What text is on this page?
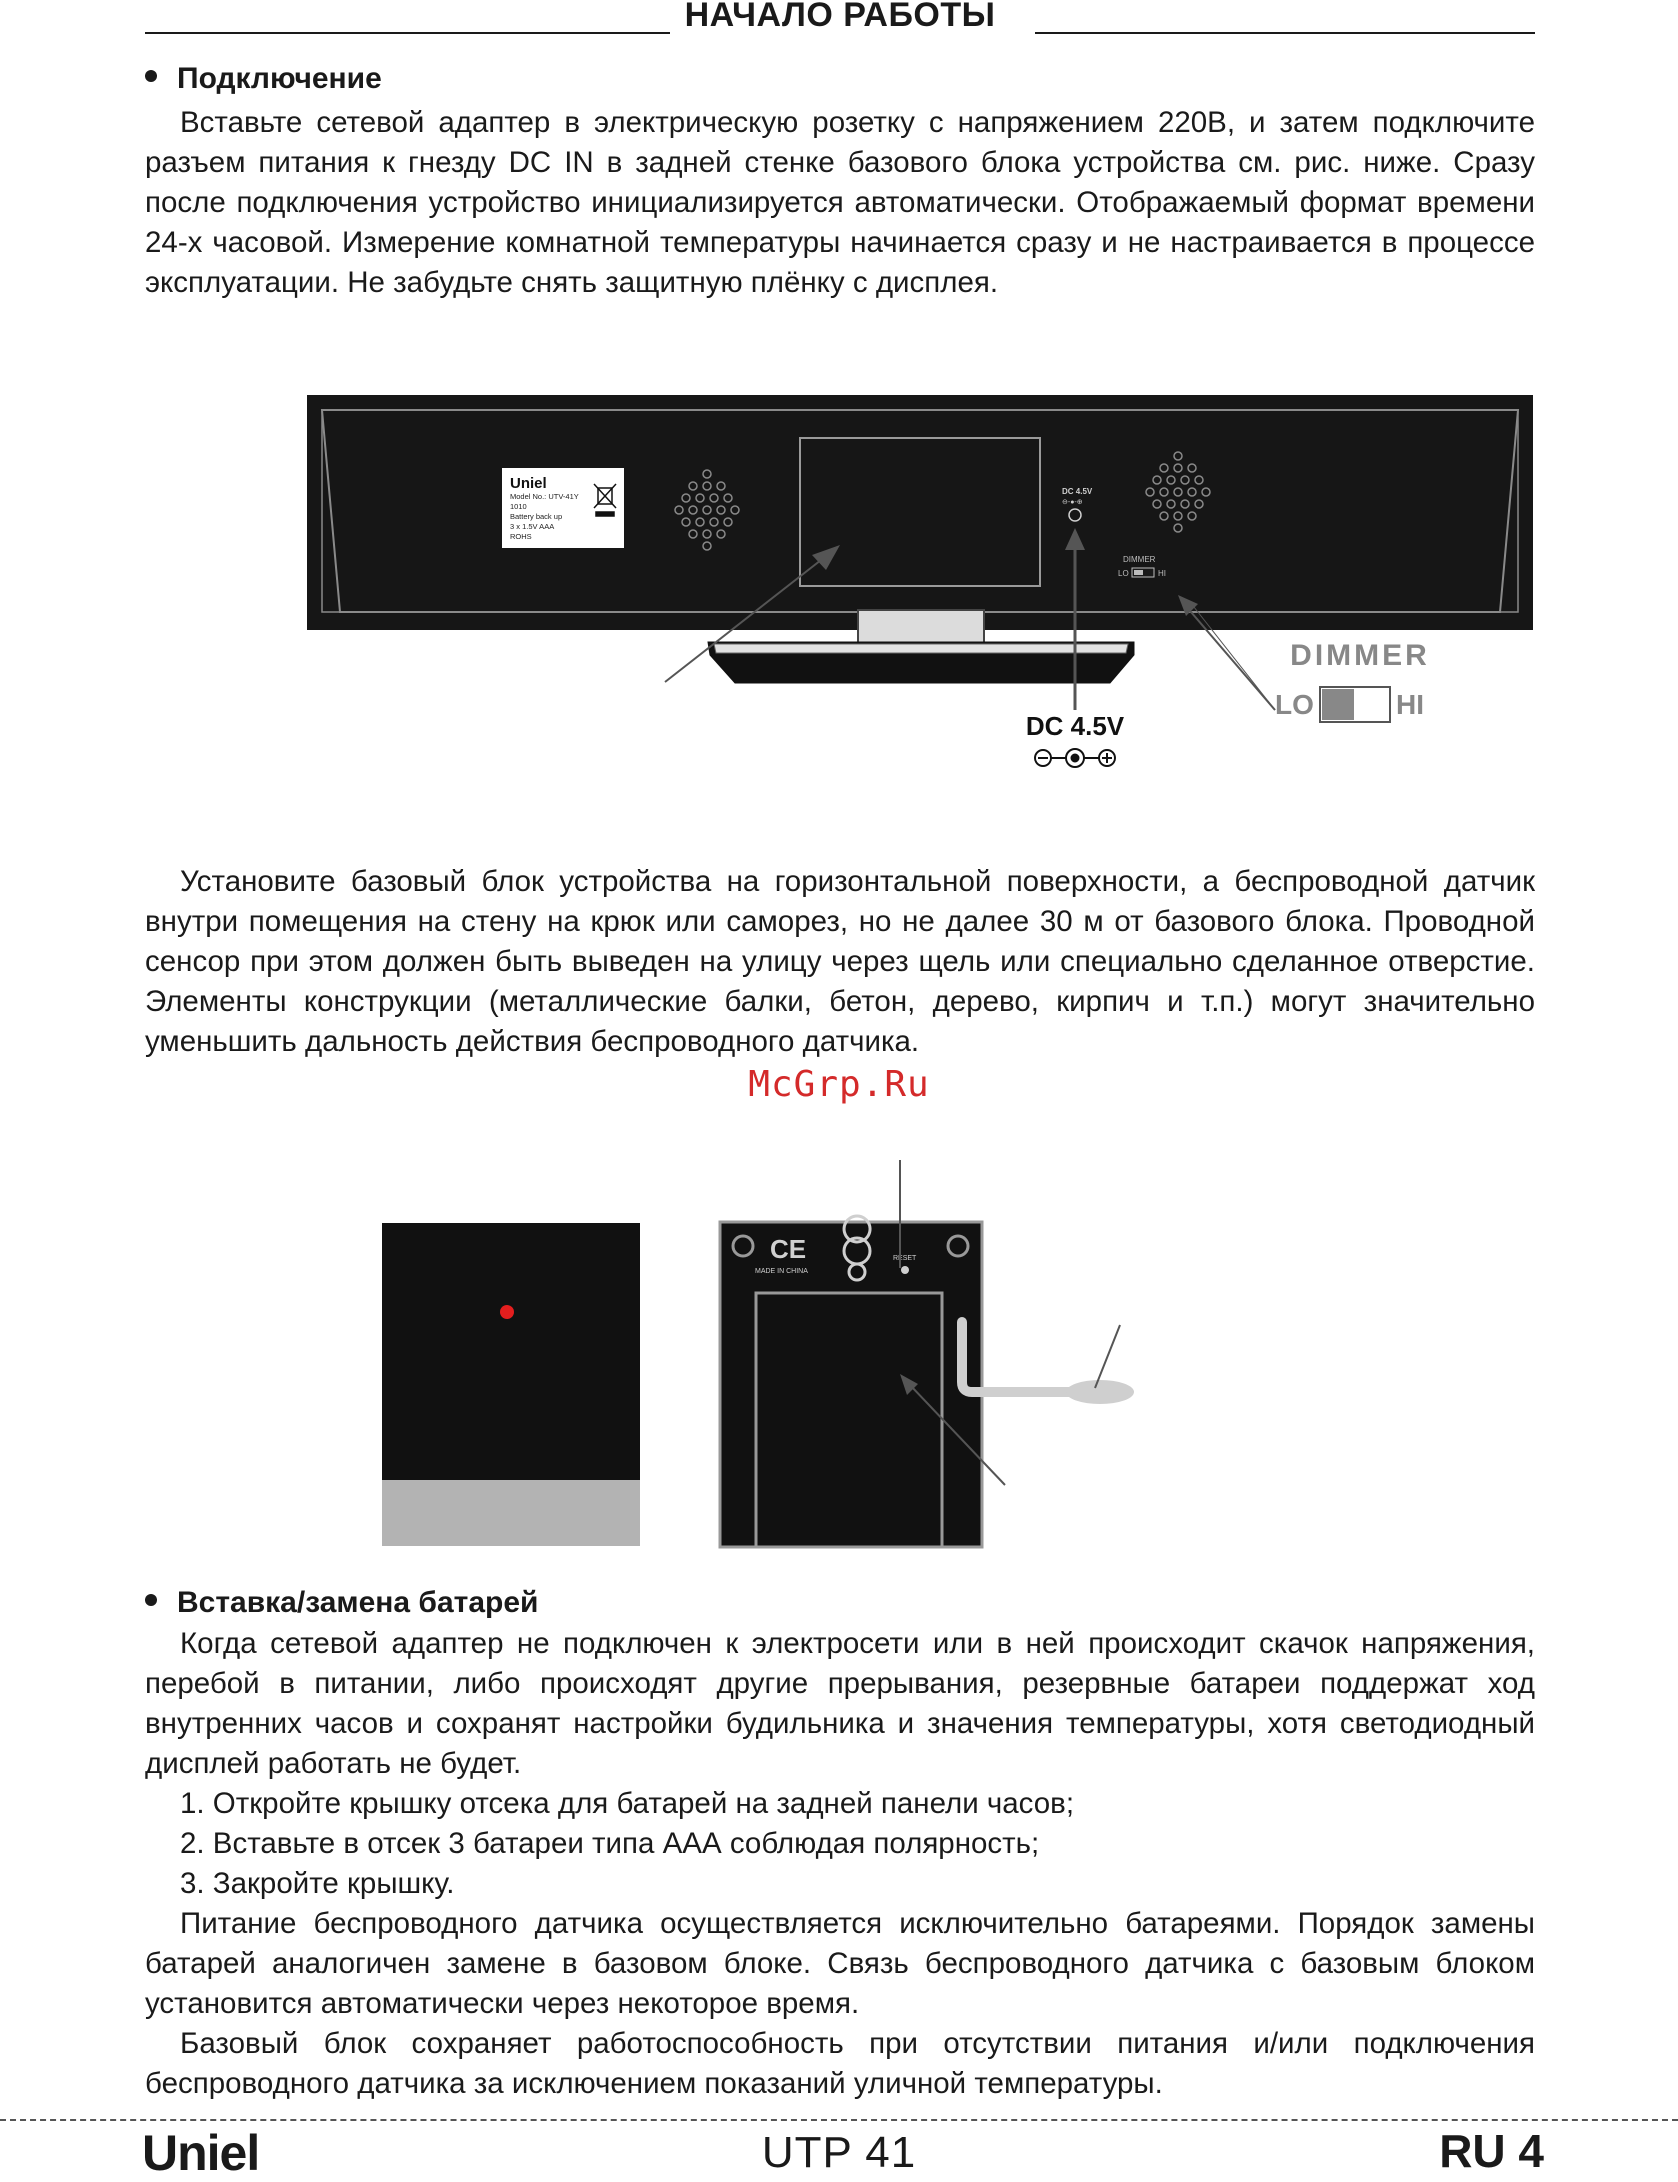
НАЧАЛО РАБОТЫ
Подключение
Вставьте сетевой адаптер в электрическую розетку с напряжением 220В, и затем подключите разъем питания к гнезду DC IN в задней стенке базового блока устройства см. рис. ниже. Сразу после подключения устройство инициализируется автоматически. Отображаемый формат времени 24-х часовой. Измерение комнатной температуры начинается сразу и не настраивается в процессе эксплуатации. Не забудьте снять защитную плёнку с дисплея.
Uniel
Model No.: UTV-41Y
1010
Battery back up
3 x 1.5V AAA
ROHS
DC 4.5V
⊖-●-⊕
DIMMER
LO	HI
DIMMER
LO	HI
DC 4.5V
Установите базовый блок устройства на горизонтальной поверхности, а беспроводной датчик внутри помещения на стену на крюк или саморез, но не далее 30 м от базового блока. Проводной сенсор при этом должен быть выведен на улицу через щель или специально сделанное отверстие. Элементы конструкции (металлические балки, бетон, дерево, кирпич и т.п.) могут значительно уменьшить дальность действия беспроводного датчика.
McGrp.Ru
CE
MADE IN CHINA
RESET
Вставка/замена батарей
Когда сетевой адаптер не подключен к электросети или в ней происходит скачок напряжения, перебой в питании, либо происходят другие прерывания, резервные батареи поддержат ход внутренних часов и сохранят настройки будильника и значения температуры, хотя светодиодный дисплей работать не будет.
1. Откройте крышку отсека для батарей на задней панели часов;
2. Вставьте в отсек 3 батареи типа ААА соблюдая полярность;
3. Закройте крышку.
Питание беспроводного датчика осуществляется исключительно батареями. Порядок замены батарей аналогичен замене в базовом блоке. Связь беспроводного датчика с базовым блоком установится автоматически через некоторое время.
Базовый блок сохраняет работоспособность при отсутствии питания и/или подключения беспроводного датчика за исключением показаний уличной температуры.
Uniel	UTP 41	RU 4
